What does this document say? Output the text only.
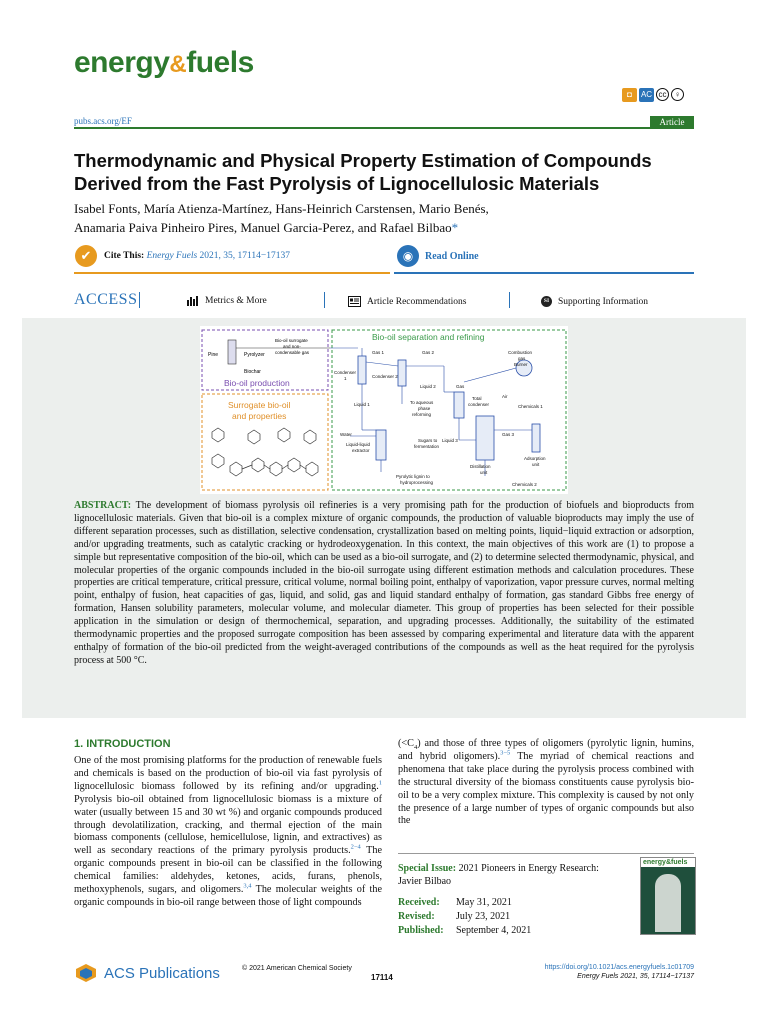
energy&fuels
◘	AC cc	♀
pubs.acs.org/EF	Article
Thermodynamic and Physical Property Estimation of Compounds Derived from the Fast Pyrolysis of Lignocellulosic Materials
Isabel Fonts, María Atienza-Martínez, Hans-Heinrich Carstensen, Mario Benés,
Anamaria Paiva Pinheiro Pires, Manuel Garcia-Perez, and Rafael Bilbao*
✔	Cite This: Energy Fuels 2021, 35, 17114−17137	◉	Read Online
ACCESS	Metrics & More	Article Recommendations	SI Supporting Information
Bio-oil production
Pine	Pyrolyzer
Biochar
Bio-oil surrogate
and non-
condensable gas
Surrogate bio-oil
and properties
Bio-oil separation and refining
Gas 1	Gas 2	Combustion
gas
Burner
Condenser
1	Condenser 2
Liquid 2
Liquid 1	To aqueous
phase
reforming
Gas
Air
Total
condenser	Chemicals 1
Gas 3
Liquid 3
Sugars to
fermentation
Water
Liquid-liquid
extractor
Pyrolytic lignin to
hydroprocessing
Distillation
unit
Adsorption
unit
Chemicals 2
ABSTRACT: The development of biomass pyrolysis oil refineries is a very promising path for the production of biofuels and bioproducts from lignocellulosic materials. Given that bio-oil is a complex mixture of organic compounds, the production of valuable bioproducts may imply the use of different separation processes, such as distillation, selective condensation, crystallization based on melting points, liquid−liquid extraction or adsorption, and/or upgrading treatments, such as catalytic cracking or hydrodeoxygenation. In this context, the main objectives of this work are (1) to propose a simple but representative composition of the bio-oil, which can be used as a bio-oil surrogate, and (2) to determine selected thermodynamic, physical, and molecular properties of the organic compounds included in the bio-oil surrogate using different estimation methods and calculation procedures. These properties are critical temperature, critical pressure, critical volume, normal boiling point, enthalpy of vaporization, vapor pressure curves, normal melting point, enthalpy of fusion, heat capacities of gas, liquid, and solid, gas and liquid standard enthalpy of formation, gas standard Gibbs free energy of formation, Hansen solubility parameters, molecular volume, and molecular diameter. This group of properties has been selected for their possible application in the simulation or design of thermochemical, separation, and upgrading processes. Additionally, the suitability of the estimated thermodynamic properties and the proposed surrogate composition has been assessed by comparing experimental and literature data with the apparent enthalpy of formation of the bio-oil predicted from the weight-averaged contributions of the compounds as well as the heat required for the pyrolysis process at 500 °C.
1. INTRODUCTION
One of the most promising platforms for the production of renewable fuels and chemicals is based on the production of bio-oil via fast pyrolysis of lignocellulosic biomass followed by its refining and/or upgrading.$^1$ Pyrolysis bio-oil obtained from lignocellulosic biomass is a mixture of water (usually between 15 and 30 wt %) and organic compounds produced through devolatilization, cracking, and thermal ejection of the main biomass components (cellulose, hemicellulose, lignin, and extractives) as well as secondary reactions of the primary pyrolysis products.$^{2-4}$ The organic compounds present in bio-oil can be classified in the following chemical families: aldehydes, ketones, acids, furans, phenols, methoxyphenols, sugars, and oligomers.$^{3,4}$ The molecular weights of the organic compounds in bio-oil range between those of light compounds
$(<C_4)$ and those of three types of oligomers (pyrolytic lignin, humins, and hybrid oligomers).$^{3-5}$ The myriad of chemical reactions and phenomena that take place during the pyrolysis process combined with the structural diversity of the biomass constituents cause pyrolysis bio-oil to be a very complex mixture. This complexity is caused by not only the presence of a large number of types of organic compounds but also the
Special Issue: 2021 Pioneers in Energy Research: Javier Bilbao
Received: May 31, 2021
Revised: July 23, 2021
Published: September 4, 2021
energy&fuels
ACS Publications	© 2021 American Chemical Society
17114
https://doi.org/10.1021/acs.energyfuels.1c01709
Energy Fuels 2021, 35, 17114−17137
